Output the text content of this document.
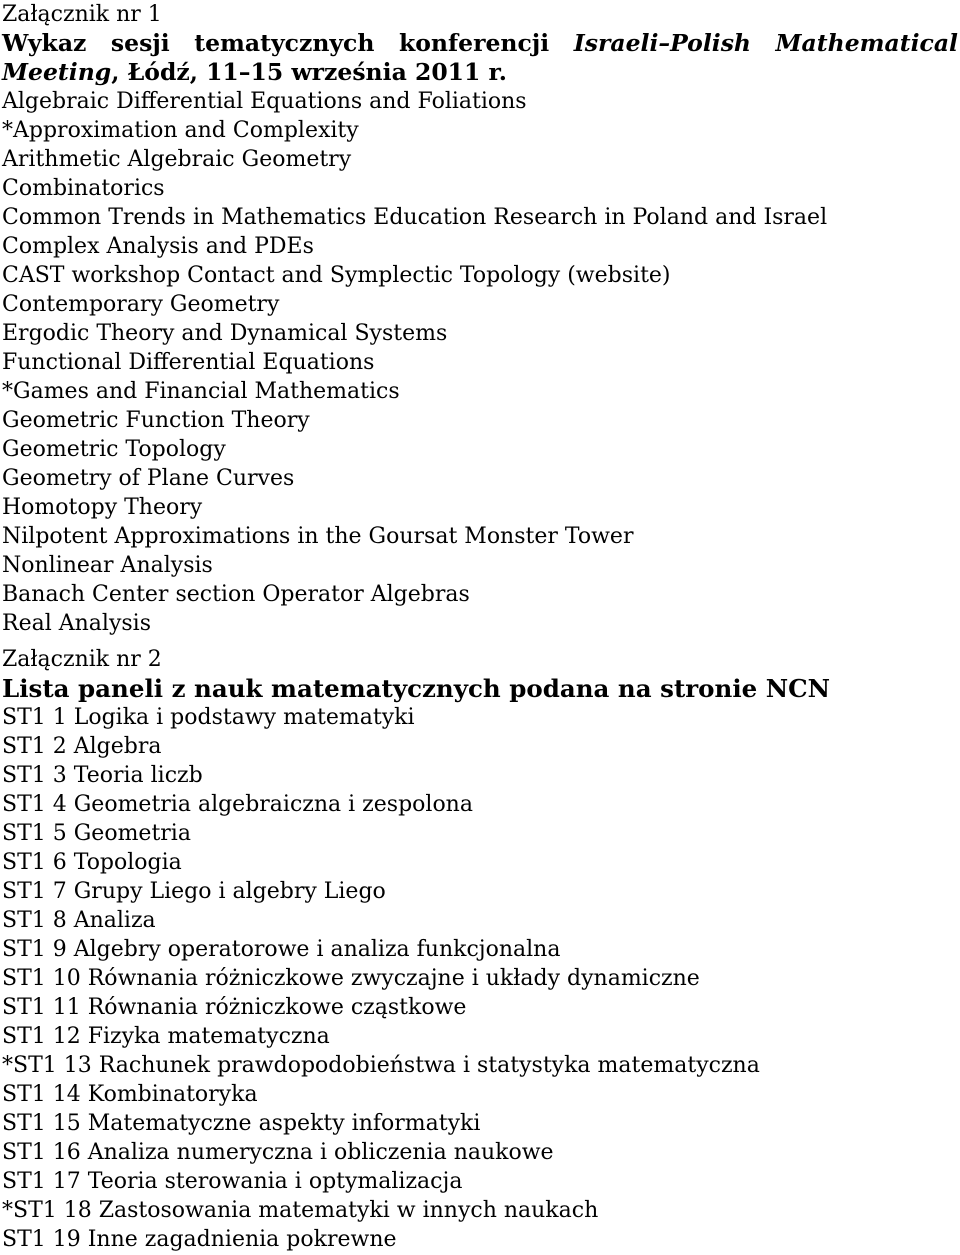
Załącznik nr 1
Wykaz sesji tematycznych konferencji Israeli–Polish Mathematical Meeting, Łódź, 11–15 września 2011 r.
Algebraic Differential Equations and Foliations
*Approximation and Complexity
Arithmetic Algebraic Geometry
Combinatorics
Common Trends in Mathematics Education Research in Poland and Israel
Complex Analysis and PDEs
CAST workshop Contact and Symplectic Topology (website)
Contemporary Geometry
Ergodic Theory and Dynamical Systems
Functional Differential Equations
*Games and Financial Mathematics
Geometric Function Theory
Geometric Topology
Geometry of Plane Curves
Homotopy Theory
Nilpotent Approximations in the Goursat Monster Tower
Nonlinear Analysis
Banach Center section Operator Algebras
Real Analysis
Załącznik nr 2
Lista paneli z nauk matematycznych podana na stronie NCN
ST1 1 Logika i podstawy matematyki
ST1 2 Algebra
ST1 3 Teoria liczb
ST1 4 Geometria algebraiczna i zespolona
ST1 5 Geometria
ST1 6 Topologia
ST1 7 Grupy Liego i algebry Liego
ST1 8 Analiza
ST1 9 Algebry operatorowe i analiza funkcjonalna
ST1 10 Równania różniczkowe zwyczajne i układy dynamiczne
ST1 11 Równania różniczkowe cząstkowe
ST1 12 Fizyka matematyczna
*ST1 13 Rachunek prawdopodobieństwa i statystyka matematyczna
ST1 14 Kombinatoryka
ST1 15 Matematyczne aspekty informatyki
ST1 16 Analiza numeryczna i obliczenia naukowe
ST1 17 Teoria sterowania i optymalizacja
*ST1 18 Zastosowania matematyki w innych naukach
ST1 19 Inne zagadnienia pokrewne
